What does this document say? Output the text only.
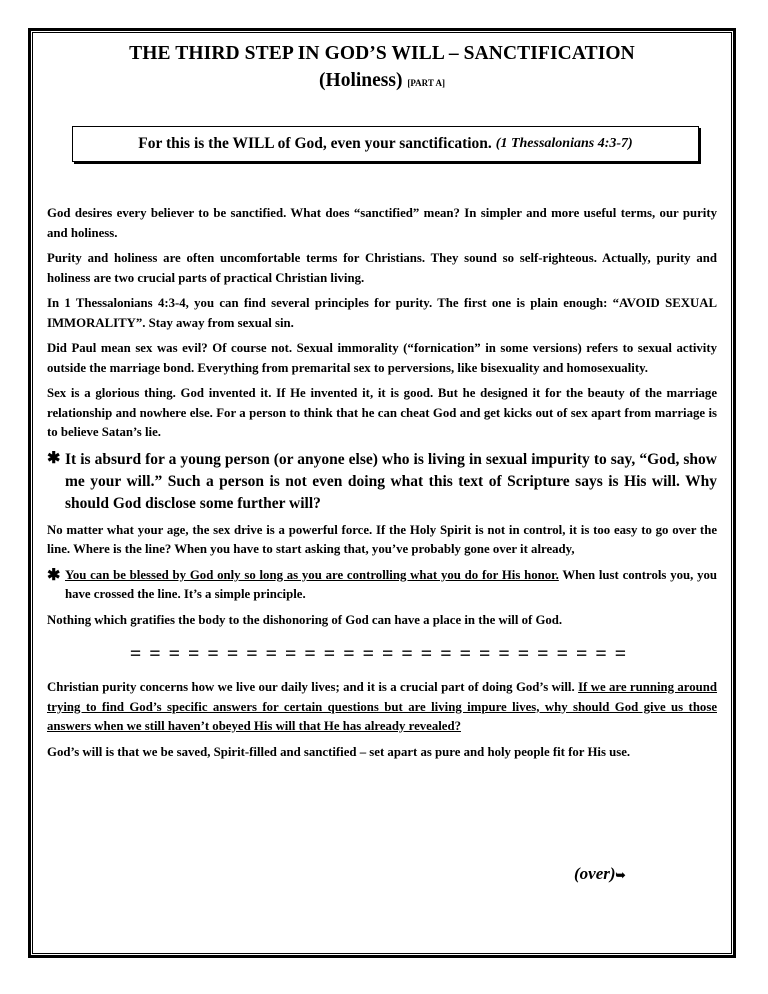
THE THIRD STEP IN GOD’S WILL – SANCTIFICATION
(Holiness) [PART A]
For this is the WILL of God, even your sanctification. (1 Thessalonians 4:3-7)

God desires every believer to be sanctified. What does “sanctified” mean? In simpler and more useful terms, our purity and holiness.

Purity and holiness are often uncomfortable terms for Christians. They sound so self-righteous. Actually, purity and holiness are two crucial parts of practical Christian living.

In 1 Thessalonians 4:3-4, you can find several principles for purity. The first one is plain enough: “AVOID SEXUAL IMMORALITY”. Stay away from sexual sin.

Did Paul mean sex was evil? Of course not. Sexual immorality (“fornication” in some versions) refers to sexual activity outside the marriage bond. Everything from premarital sex to perversions, like bisexuality and homosexuality.

Sex is a glorious thing. God invented it. If He invented it, it is good. But he designed it for the beauty of the marriage relationship and nowhere else. For a person to think that he can cheat God and get kicks out of sex apart from marriage is to believe Satan’s lie.

✱ It is absurd for a young person (or anyone else) who is living in sexual impurity to say, “God, show me your will.” Such a person is not even doing what this text of Scripture says is His will. Why should God disclose some further will?

No matter what your age, the sex drive is a powerful force. If the Holy Spirit is not in control, it is too easy to go over the line. Where is the line? When you have to start asking that, you’ve probably gone over it already,

✱ You can be blessed by God only so long as you are controlling what you do for His honor. When lust controls you, you have crossed the line. It’s a simple principle.

Nothing which gratifies the body to the dishonoring of God can have a place in the will of God.

==========================

Christian purity concerns how we live our daily lives; and it is a crucial part of doing God’s will. If we are running around trying to find God’s specific answers for certain questions but are living impure lives, why should God give us those answers when we still haven’t obeyed His will that He has already revealed?

God’s will is that we be saved, Spirit-filled and sanctified – set apart as pure and holy people fit for His use.

(over)➥
